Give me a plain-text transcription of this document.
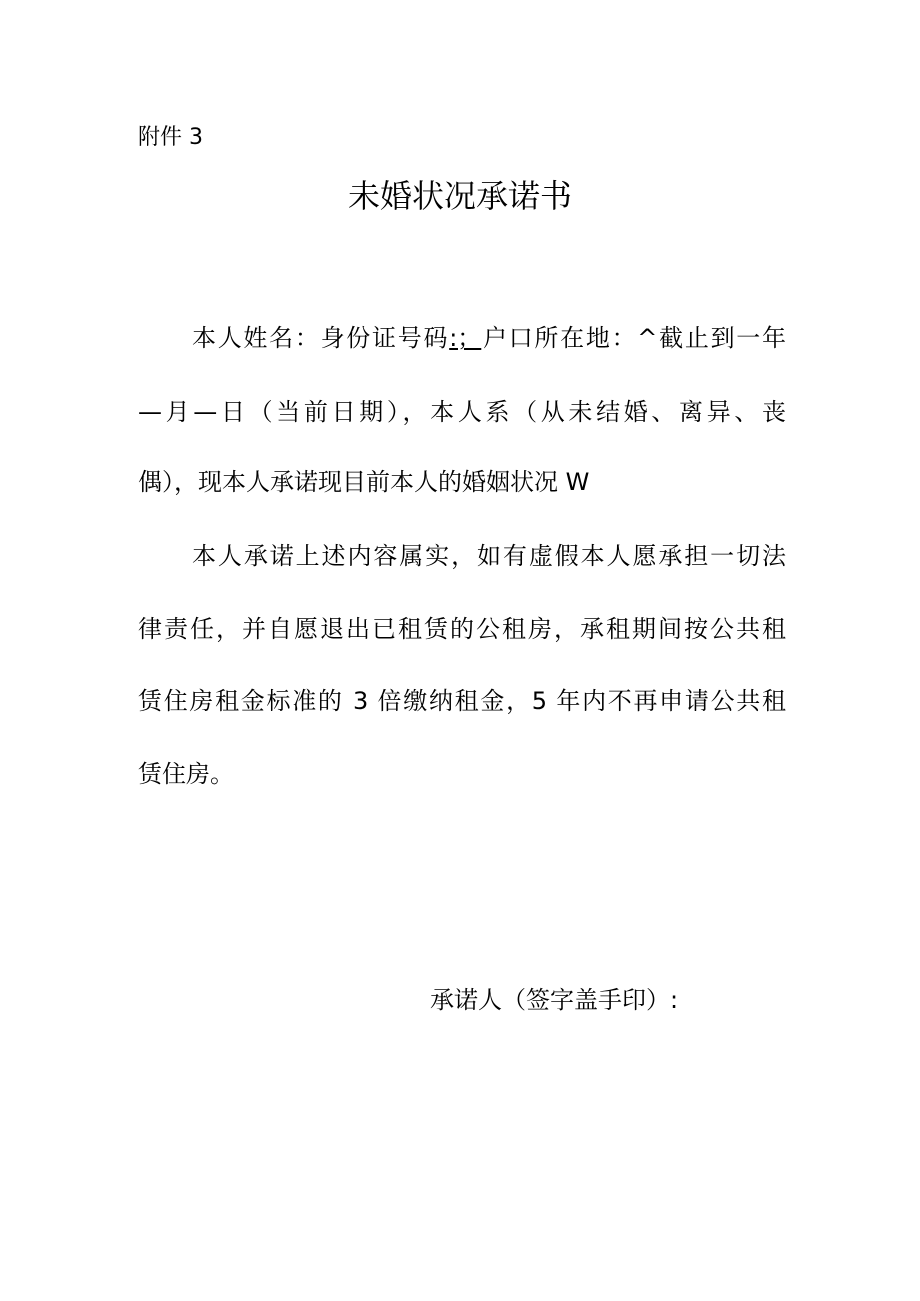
附件 3
未婚状况承诺书
本人姓名：身份证号码:；户口所在地：^截止到一年
—月—日（当前日期），本人系（从未结婚、离异、丧
偶），现本人承诺现目前本人的婚姻状况 W
本人承诺上述内容属实，如有虚假本人愿承担一切法
律责任，并自愿退出已租赁的公租房，承租期间按公共租
赁住房租金标准的 3 倍缴纳租金，5 年内不再申请公共租
赁住房。
承诺人（签字盖手印）:
